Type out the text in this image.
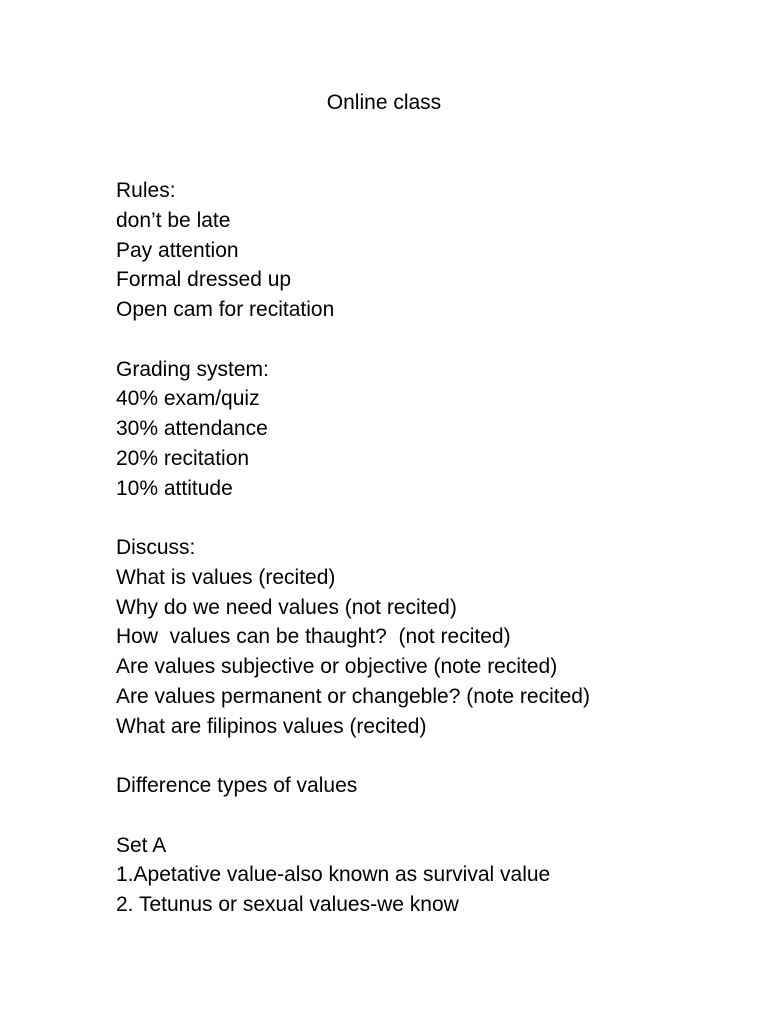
Online class
Rules:
don’t be late
Pay attention
Formal dressed up
Open cam for recitation
Grading system:
40% exam/quiz
30% attendance
20% recitation
10% attitude
Discuss:
What is values (recited)
Why do we need values (not recited)
How  values can be thaught?  (not recited)
Are values subjective or objective (note recited)
Are values permanent or changeble? (note recited)
What are filipinos values (recited)
Difference types of values
Set A
1.Apetative value-also known as survival value
2. Tetunus or sexual values-we know
